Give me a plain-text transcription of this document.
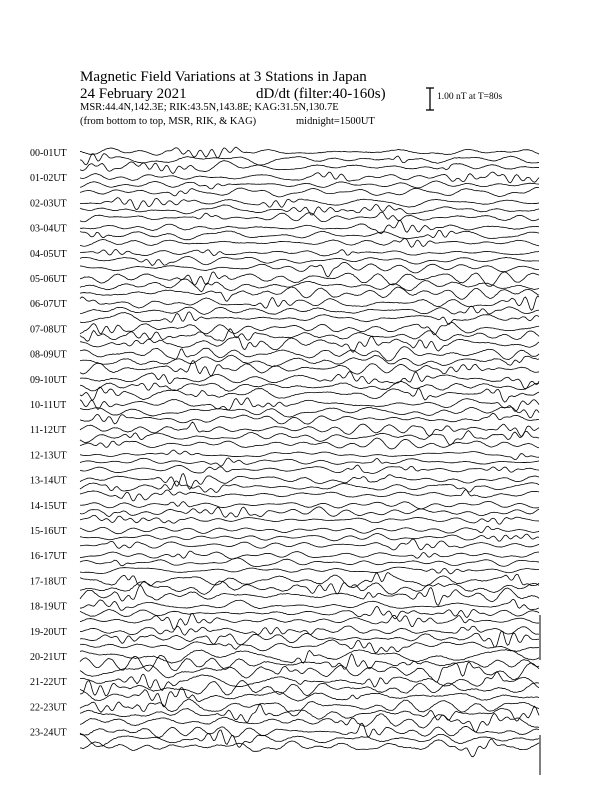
Magnetic Field Variations at 3 Stations in Japan
24 February 2021	dD/dt (filter:40-160s)
MSR:44.4N,142.3E; RIK:43.5N,143.8E; KAG:31.5N,130.7E
(from bottom to top, MSR, RIK, & KAG)	midnight=1500UT
1.00 nT at T=80s
00-01UT
01-02UT
02-03UT
03-04UT
04-05UT
05-06UT
06-07UT
07-08UT
08-09UT
09-10UT
10-11UT
11-12UT
12-13UT
13-14UT
14-15UT
15-16UT
16-17UT
17-18UT
18-19UT
19-20UT
20-21UT
21-22UT
22-23UT
23-24UT
